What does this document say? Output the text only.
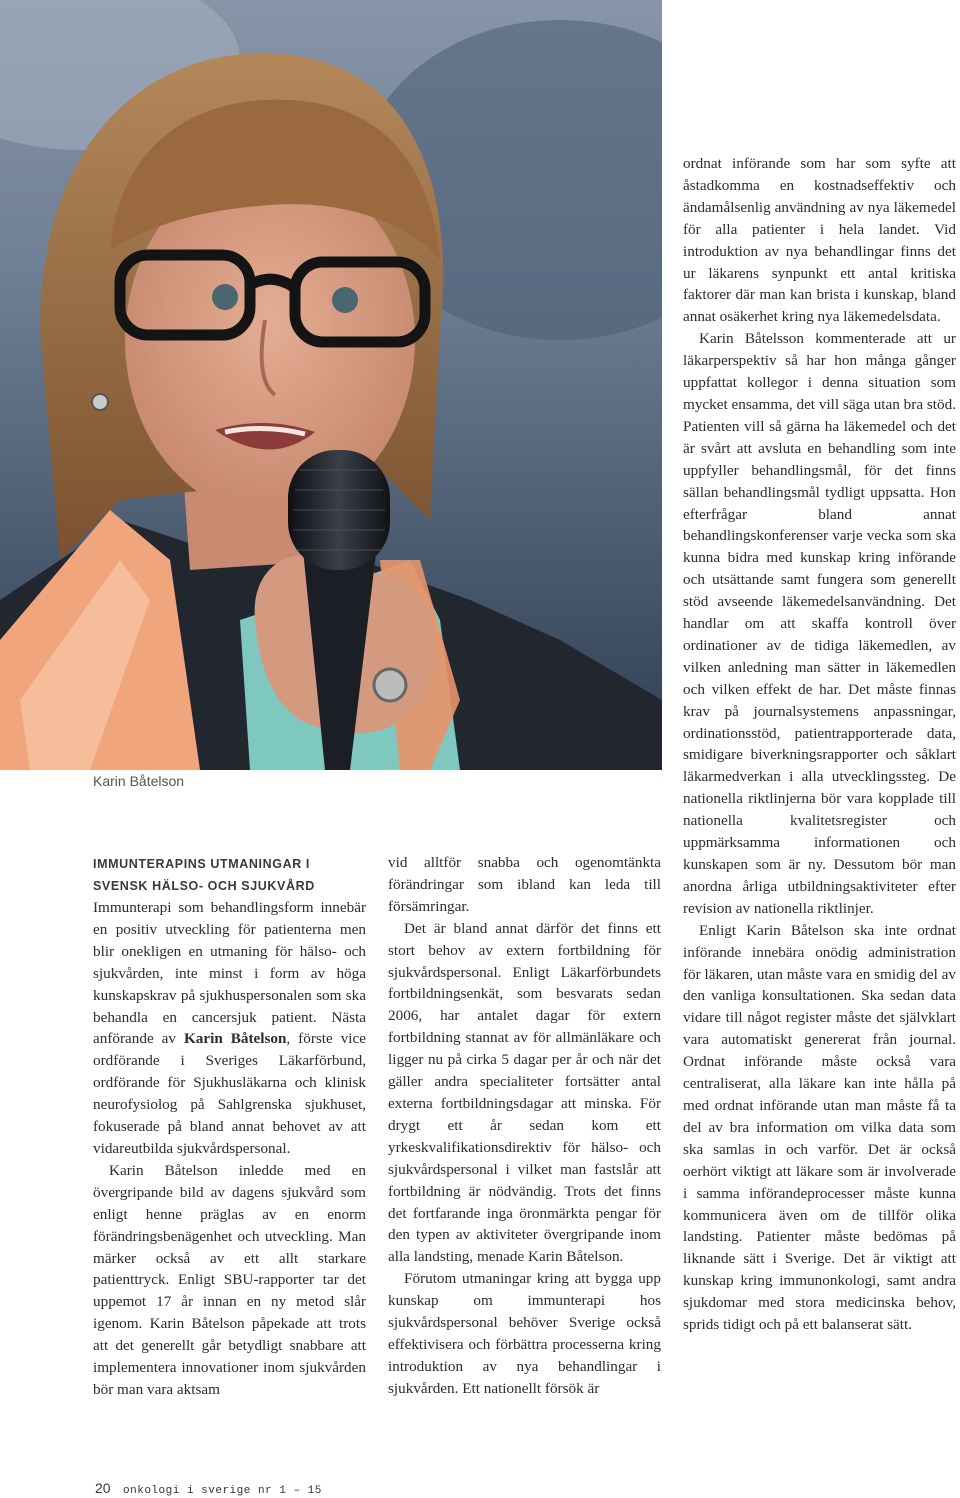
Karin Båtelson
IMMUNTERAPINS UTMANINGAR I
SVENSK HÄLSO- OCH SJUKVÅRD

Immunterapi som behandlingsform innebär en positiv utveckling för patienterna men blir onekligen en utmaning för hälso- och sjukvården, inte minst i form av höga kunskapskrav på sjukhuspersonalen som ska behandla en cancersjuk patient. Nästa anförande av Karin Båtelson, förste vice ordförande i Sveriges Läkarförbund, ordförande för Sjukhusläkarna och klinisk neurofysiolog på Sahlgrenska sjukhuset, fokuserade på bland annat behovet av att vidareutbilda sjukvårdspersonal.

Karin Båtelson inledde med en övergripande bild av dagens sjukvård som enligt henne präglas av en enorm förändringsbenägenhet och utveckling. Man märker också av ett allt starkare patienttryck. Enligt SBU-rapporter tar det uppemot 17 år innan en ny metod slår igenom. Karin Båtelson påpekade att trots att det generellt går betydligt snabbare att implementera innovationer inom sjukvården bör man vara aktsam

vid alltför snabba och ogenomtänkta förändringar som ibland kan leda till försämringar.

Det är bland annat därför det finns ett stort behov av extern fortbildning för sjukvårdspersonal. Enligt Läkarförbundets fortbildningsenkät, som besvarats sedan 2006, har antalet dagar för extern fortbildning stannat av för allmänläkare och ligger nu på cirka 5 dagar per år och när det gäller andra specialiteter fortsätter antal externa fortbildningsdagar att minska. För drygt ett år sedan kom ett yrkeskvalifikationsdirektiv för hälso- och sjukvårdspersonal i vilket man fastslår att fortbildning är nödvändig. Trots det finns det fortfarande inga öronmärkta pengar för den typen av aktiviteter övergripande inom alla landsting, menade Karin Båtelson.

Förutom utmaningar kring att bygga upp kunskap om immunterapi hos sjukvårdspersonal behöver Sverige också effektivisera och förbättra processerna kring introduktion av nya behandlingar i sjukvården. Ett nationellt försök är

ordnat införande som har som syfte att åstadkomma en kostnadseffektiv och ändamålsenlig användning av nya läkemedel för alla patienter i hela landet. Vid introduktion av nya behandlingar finns det ur läkarens synpunkt ett antal kritiska faktorer där man kan brista i kunskap, bland annat osäkerhet kring nya läkemedelsdata.

Karin Båtelsson kommenterade att ur läkarperspektiv så har hon många gånger uppfattat kollegor i denna situation som mycket ensamma, det vill säga utan bra stöd. Patienten vill så gärna ha läkemedel och det är svårt att avsluta en behandling som inte uppfyller behandlingsmål, för det finns sällan behandlingsmål tydligt uppsatta. Hon efterfrågar bland annat behandlingskonferenser varje vecka som ska kunna bidra med kunskap kring införande och utsättande samt fungera som generellt stöd avseende läkemedelsanvändning. Det handlar om att skaffa kontroll över ordinationer av de tidiga läkemedlen, av vilken anledning man sätter in läkemedlen och vilken effekt de har. Det måste finnas krav på journalsystemens anpassningar, ordinationsstöd, patientrapporterade data, smidigare biverkningsrapporter och såklart läkarmedverkan i alla utvecklingssteg. De nationella riktlinjerna bör vara kopplade till nationella kvalitetsregister och uppmärksamma informationen och kunskapen som är ny. Dessutom bör man anordna årliga utbildningsaktiviteter efter revision av nationella riktlinjer.

Enligt Karin Båtelson ska inte ordnat införande innebära onödig administration för läkaren, utan måste vara en smidig del av den vanliga konsultationen. Ska sedan data vidare till något register måste det självklart vara automatiskt genererat från journal. Ordnat införande måste också vara centraliserat, alla läkare kan inte hålla på med ordnat införande utan man måste få ta del av bra information om vilka data som ska samlas in och varför. Det är också oerhört viktigt att läkare som är involverade i samma införandeprocesser måste kunna kommunicera även om de tillför olika landsting. Patienter måste bedömas på liknande sätt i Sverige. Det är viktigt att kunskap kring immunonkologi, samt andra sjukdomar med stora medicinska behov, sprids tidigt och på ett balanserat sätt.

20 onkologi i sverige nr 1 – 15
